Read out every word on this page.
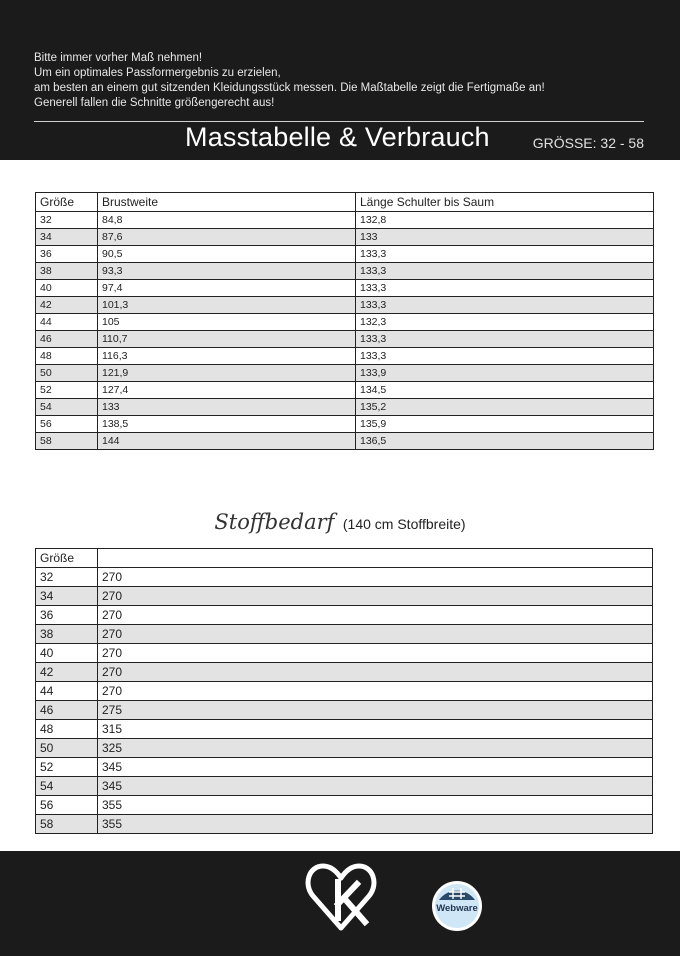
Bitte immer vorher Maß nehmen!
Um ein optimales Passformergebnis zu erzielen,
am besten an einem gut sitzenden Kleidungsstück messen. Die Maßtabelle zeigt die Fertigmaße an!
Generell fallen die Schnitte größengerecht aus!
Masstabelle & Verbrauch	GRÖSSE: 32 - 58
Größe	Brustweite	Länge Schulter bis Saum
32	84,8	132,8
34	87,6	133
36	90,5	133,3
38	93,3	133,3
40	97,4	133,3
42	101,3	133,3
44	105	132,3
46	110,7	133,3
48	116,3	133,3
50	121,9	133,9
52	127,4	134,5
54	133	135,2
56	138,5	135,9
58	144	136,5
Stoffbedarf (140 cm Stoffbreite)
Größe	
32	270
34	270
36	270
38	270
40	270
42	270
44	270
46	275
48	315
50	325
52	345
54	345
56	355
58	355
Webware
